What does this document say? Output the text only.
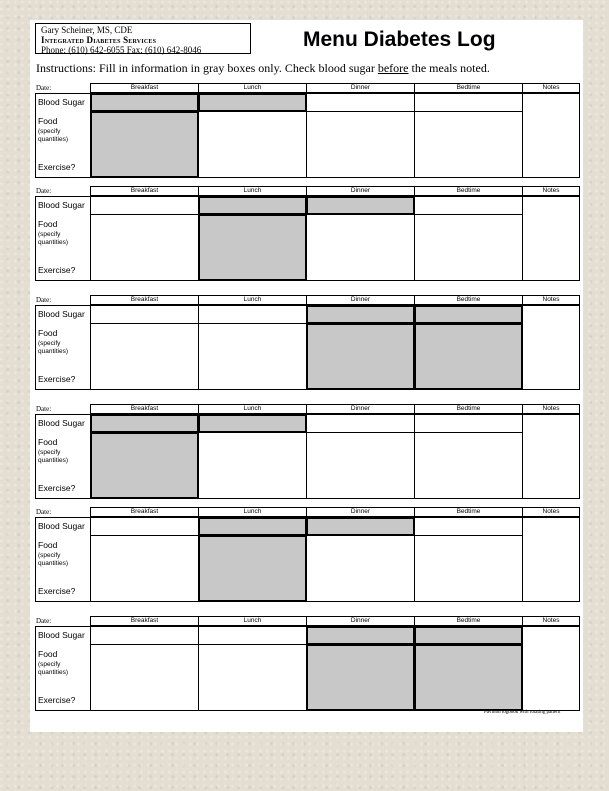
Gary Scheiner, MS, CDE
Integrated Diabetes Services
Phone: (610) 642-6055 Fax: (610) 642-8046	Menu Diabetes Log
Instructions: Fill in information in gray boxes only. Check blood sugar before the meals noted.
Date:	Breakfast	Lunch	Dinner	Bedtime	Notes
Blood Sugar
Food
(specify
quantities)
Exercise?
Date:	Breakfast	Lunch	Dinner	Bedtime	Notes
Blood Sugar
Food
(specify
quantities)
Exercise?
Date:	Breakfast	Lunch	Dinner	Bedtime	Notes
Blood Sugar
Food
(specify
quantities)
Exercise?
Date:	Breakfast	Lunch	Dinner	Bedtime	Notes
Blood Sugar
Food
(specify
quantities)
Exercise?
Date:	Breakfast	Lunch	Dinner	Bedtime	Notes
Blood Sugar
Food
(specify
quantities)
Exercise?
Date:	Breakfast	Lunch	Dinner	Bedtime	Notes
Blood Sugar
Food
(specify
quantities)
Exercise?
Pavilion logbook with rotating pattern
